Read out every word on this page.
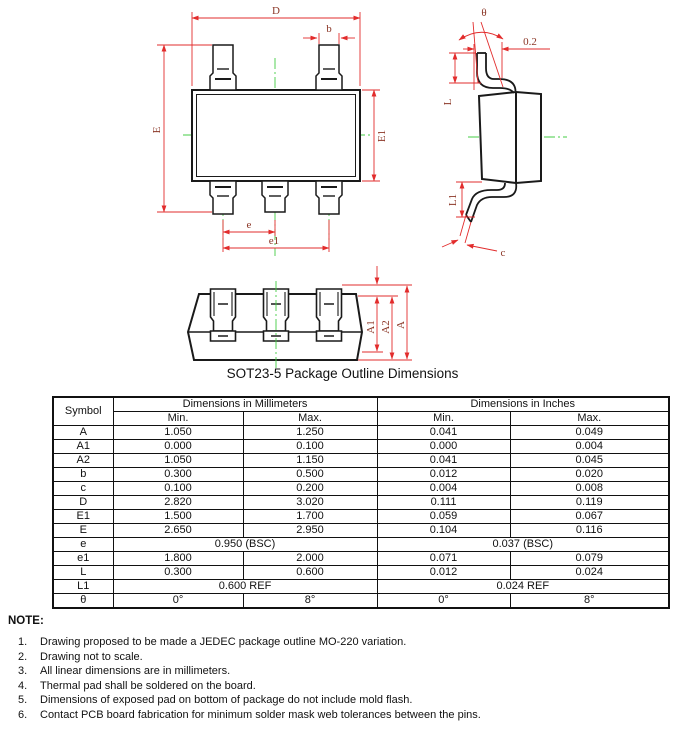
D
b
E	E1
e
e1
θ
0.2
L
L1
c
A1 A2 A
SOT23-5 Package Outline Dimensions
Symbol	Dimensions in Millimeters		Dimensions in Inches	
	Min.	Max.	Min.	Max.
A	1.050	1.250	0.041	0.049
A1	0.000	0.100	0.000	0.004
A2	1.050	1.150	0.041	0.045
b	0.300	0.500	0.012	0.020
c	0.100	0.200	0.004	0.008
D	2.820	3.020	0.111	0.119
E1	1.500	1.700	0.059	0.067
E	2.650	2.950	0.104	0.116
e	0.950 (BSC)		0.037 (BSC)	
e1	1.800	2.000	0.071	0.079
L	0.300	0.600	0.012	0.024
L1	0.600 REF		0.024 REF	
θ	0°	8°	0°	8°
NOTE:
1.	Drawing proposed to be made a JEDEC package outline MO-220 variation.
2.	Drawing not to scale.
3.	All linear dimensions are in millimeters.
4.	Thermal pad shall be soldered on the board.
5.	Dimensions of exposed pad on bottom of package do not include mold flash.
6.	Contact PCB board fabrication for minimum solder mask web tolerances between the pins.
